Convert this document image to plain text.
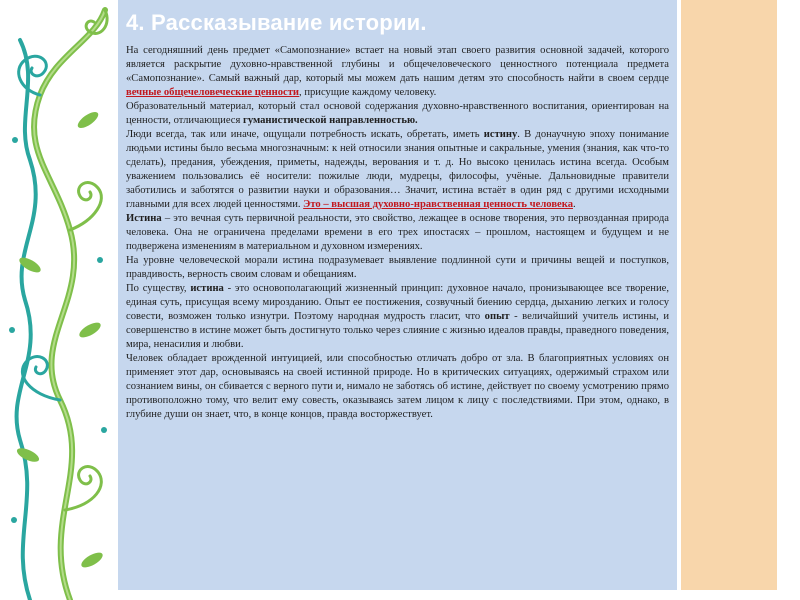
4. Рассказывание истории.

На сегодняшний день предмет «Самопознание» встает на новый этап своего развития основной задачей, которого является раскрытие духовно-нравственной глубины и общечеловеческого ценностного потенциала предмета «Самопознание». Самый важный дар, который мы можем дать нашим детям это способность найти в своем сердце вечные общечеловеческие ценности, присущие каждому человеку.

Образовательный материал, который стал основой содержания духовно-нравственного воспитания, ориентирован на ценности, отличающиеся гуманистической направленностью.

Люди всегда, так или иначе, ощущали потребность искать, обретать, иметь истину. В донаучную эпоху понимание людьми истины было весьма многозначным: к ней относили знания опытные и сакральные, умения (знания, как что-то сделать), предания, убеждения, приметы, надежды, верования и т. д. Но высоко ценилась истина всегда. Особым уважением пользовались её носители: пожилые люди, мудрецы, философы, учёные. Дальновидные правители заботились и заботятся о развитии науки и образования… Значит, истина встаёт в один ряд с другими исходными главными для всех людей ценностями. Это – высшая духовно-нравственная ценность человека.

Истина – это вечная суть первичной реальности, это свойство, лежащее в основе творения, это первозданная природа человека. Она не ограничена пределами времени в его трех ипостасях – прошлом, настоящем и будущем и не подвержена изменениям в материальном и духовном измерениях.

На уровне человеческой морали истина подразумевает выявление подлинной сути и причины вещей и поступков, правдивость, верность своим словам и обещаниям.

По существу, истина - это основополагающий жизненный принцип: духовное начало, пронизывающее все творение, единая суть, присущая всему мирозданию. Опыт ее постижения, созвучный биению сердца, дыханию легких и голосу совести, возможен только изнутри. Поэтому народная мудрость гласит, что опыт - величайший учитель истины, и совершенство в истине может быть достигнуто только через слияние с жизнью идеалов правды, праведного поведения, мира, ненасилия и любви.

Человек обладает врожденной интуицией, или способностью отличать добро от зла. В благоприятных условиях он применяет этот дар, основываясь на своей истинной природе. Но в критических ситуациях, одержимый страхом или сознанием вины, он сбивается с верного пути и, нимало не заботясь об истине, действует по своему усмотрению прямо противоположно тому, что велит ему совесть, оказываясь затем лицом к лицу с последствиями. При этом, однако, в глубине души он знает, что, в конце концов, правда восторжествует.
